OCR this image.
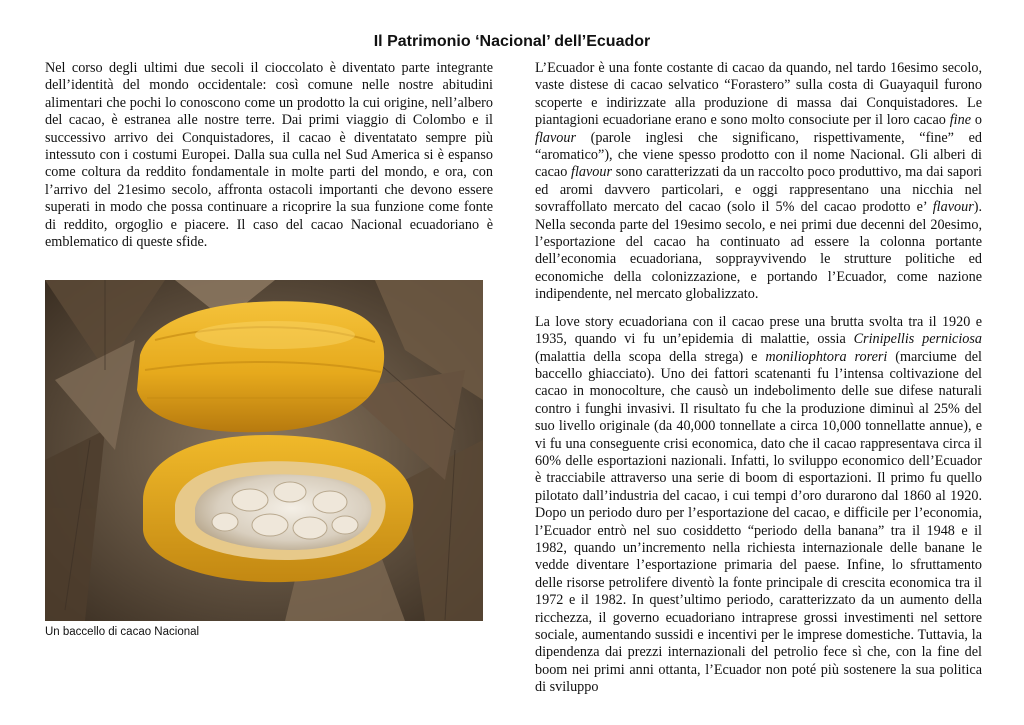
Il Patrimonio ‘Nacional’ dell’Ecuador

Nel corso degli ultimi due secoli il cioccolato è diventato parte integrante dell’identità del mondo occidentale: così comune nelle nostre abitudini alimentari che pochi lo conoscono come un prodotto la cui origine, nell’albero del cacao, è estranea alle nostre terre. Dai primi viaggio di Colombo e il successivo arrivo dei Conquistadores, il cacao è diventatato sempre più intessuto con i costumi Europei. Dalla sua culla nel Sud America si è espanso come coltura da reddito fondamentale in molte parti del mondo, e ora, con l’arrivo del 21esimo secolo, affronta ostacoli importanti che devono essere superati in modo che possa continuare a ricoprire la sua funzione come fonte di reddito, orgoglio e piacere. Il caso del cacao Nacional ecuadoriano è emblematico di queste sfide.

Un baccello di cacao Nacional

L’Ecuador è una fonte costante di cacao da quando, nel tardo 16esimo secolo, vaste distese di cacao selvatico “Forastero” sulla costa di Guayaquil furono scoperte e indirizzate alla produzione di massa dai Conquistadores. Le piantagioni ecuadoriane erano e sono molto consociute per il loro cacao fine o flavour (parole inglesi che significano, rispettivamente, “fine” ed “aromatico”), che viene spesso prodotto con il nome Nacional. Gli alberi di cacao flavour sono caratterizzati da un raccolto poco produttivo, ma dai sapori ed aromi davvero particolari, e oggi rappresentano una nicchia nel sovraffollato mercato del cacao (solo il 5% del cacao prodotto e’ flavour). Nella seconda parte del 19esimo secolo, e nei primi due decenni del 20esimo, l’esportazione del cacao ha continuato ad essere la colonna portante dell’economia ecuadoriana, sopprayvivendo le strutture politiche ed economiche della colonizzazione, e portando l’Ecuador, come nazione indipendente, nel mercato globalizzato.

La love story ecuadoriana con il cacao prese una brutta svolta tra il 1920 e 1935, quando vi fu un’epidemia di malattie, ossia Crinipellis perniciosa (malattia della scopa della strega) e moniliophtora roreri (marciume del baccello ghiacciato). Uno dei fattori scatenanti fu l’intensa coltivazione del cacao in monocolture, che causò un indebolimento delle sue difese naturali contro i funghi invasivi. Il risultato fu che la produzione diminuì al 25% del suo livello originale (da 40,000 tonnellate a circa 10,000 tonnellatte annue), e vi fu una conseguente crisi economica, dato che il cacao rappresentava circa il 60% delle esportazioni nazionali. Infatti, lo sviluppo economico dell’Ecuador è tracciabile attraverso una serie di boom di esportazioni. Il primo fu quello pilotato dall’industria del cacao, i cui tempi d’oro durarono dal 1860 al 1920. Dopo un periodo duro per l’esportazione del cacao, e difficile per l’economia, l’Ecuador entrò nel suo cosiddetto “periodo della banana” tra il 1948 e il 1982, quando un’incremento nella richiesta internazionale delle banane le vedde diventare l’esportazione primaria del paese. Infine, lo sfruttamento delle risorse petrolifere diventò la fonte principale di crescita economica tra il 1972 e il 1982. In quest’ultimo periodo, caratterizzato da un aumento della ricchezza, il governo ecuadoriano intraprese grossi investimenti nel settore sociale, aumentando sussidi e incentivi per le imprese domestiche. Tuttavia, la dipendenza dai prezzi internazionali del petrolio fece sì che, con la fine del boom nei primi anni ottanta, l’Ecuador non poté più sostenere la sua politica di sviluppo
